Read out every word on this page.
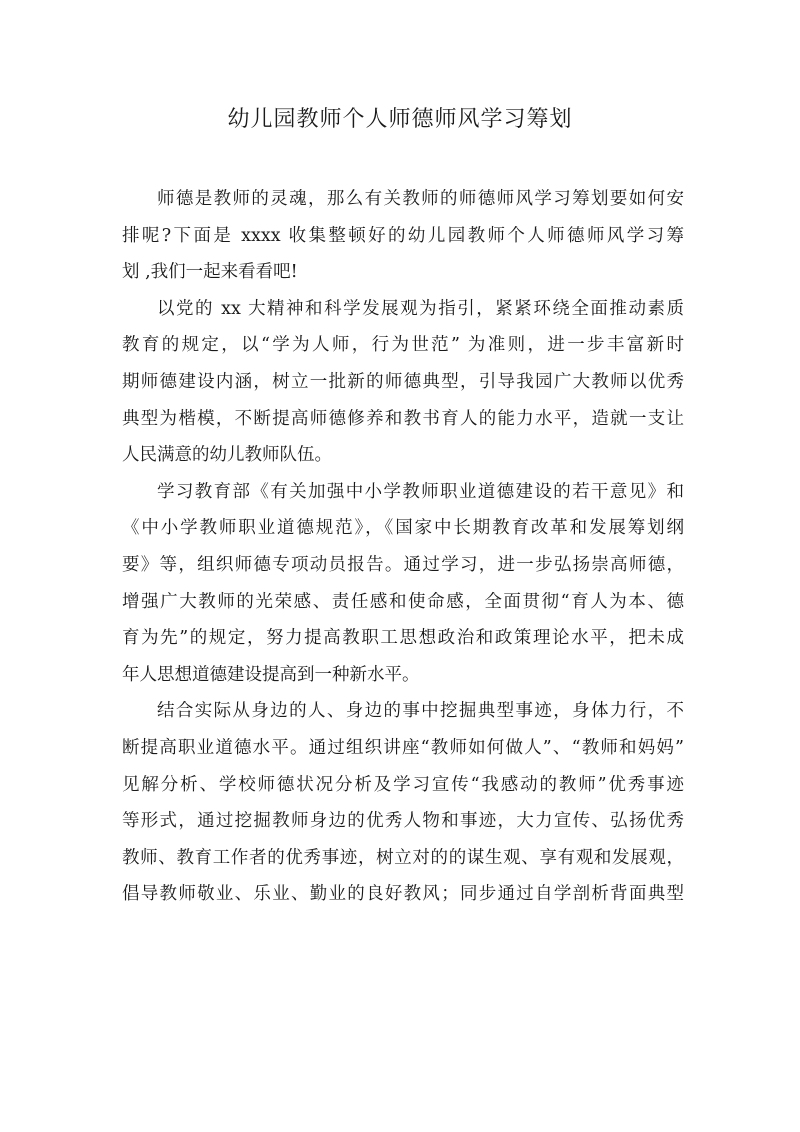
幼儿园教师个人师德师风学习筹划
师德是教师的灵魂，那么有关教师的师德师风学习筹划要如何安
排呢?下面是 xxxx 收集整顿好的幼儿园教师个人师德师风学习筹
划 ,我们一起来看看吧!
以党的 xx 大精神和科学发展观为指引，紧紧环绕全面推动素质
教育的规定，以“学为人师，行为世范” 为准则，进一步丰富新时
期师德建设内涵，树立一批新的师德典型，引导我园广大教师以优秀
典型为楷模，不断提高师德修养和教书育人的能力水平，造就一支让
人民满意的幼儿教师队伍。
学习教育部《有关加强中小学教师职业道德建设的若干意见》和
《中小学教师职业道德规范》，《国家中长期教育改革和发展筹划纲
要》等，组织师德专项动员报告。通过学习，进一步弘扬崇高师德，
增强广大教师的光荣感、责任感和使命感，全面贯彻“育人为本、德
育为先”的规定，努力提高教职工思想政治和政策理论水平，把未成
年人思想道德建设提高到一种新水平。
结合实际从身边的人、身边的事中挖掘典型事迹，身体力行，不
断提高职业道德水平。通过组织讲座“教师如何做人”、“教师和妈妈”
见解分析、学校师德状况分析及学习宣传“我感动的教师”优秀事迹
等形式，通过挖掘教师身边的优秀人物和事迹，大力宣传、弘扬优秀
教师、教育工作者的优秀事迹，树立对的的谋生观、享有观和发展观，
倡导教师敬业、乐业、勤业的良好教风；同步通过自学剖析背面典型
